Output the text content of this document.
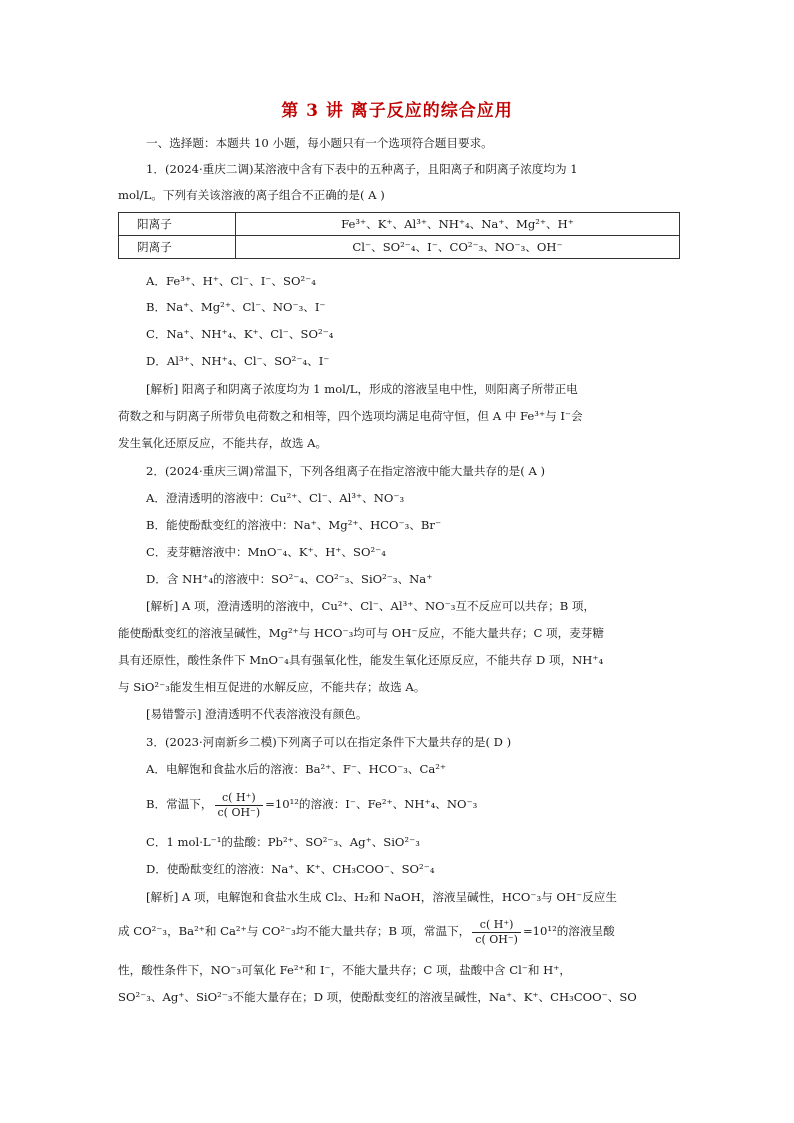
第 3 讲 离子反应的综合应用
一、选择题：本题共 10 小题，每小题只有一个选项符合题目要求。
1．(2024·重庆二调)某溶液中含有下表中的五种离子，且阳离子和阴离子浓度均为 1
mol/L。下列有关该溶液的离子组合不正确的是( A )
阳离子	Fe³⁺、K⁺、Al³⁺、NH⁺₄、Na⁺、Mg²⁺、H⁺
阴离子	Cl⁻、SO²⁻₄、I⁻、CO²⁻₃、NO⁻₃、OH⁻
A．Fe³⁺、H⁺、Cl⁻、I⁻、SO²⁻₄
B．Na⁺、Mg²⁺、Cl⁻、NO⁻₃、I⁻
C．Na⁺、NH⁺₄、K⁺、Cl⁻、SO²⁻₄
D．Al³⁺、NH⁺₄、Cl⁻、SO²⁻₄、I⁻
[解析] 阳离子和阴离子浓度均为 1 mol/L，形成的溶液呈电中性，则阳离子所带正电
荷数之和与阴离子所带负电荷数之和相等，四个选项均满足电荷守恒，但 A 中 Fe³⁺与 I⁻会
发生氧化还原反应，不能共存，故选 A。
2．(2024·重庆三调)常温下，下列各组离子在指定溶液中能大量共存的是( A )
A．澄清透明的溶液中：Cu²⁺、Cl⁻、Al³⁺、NO⁻₃
B．能使酚酞变红的溶液中：Na⁺、Mg²⁺、HCO⁻₃、Br⁻
C．麦芽糖溶液中：MnO⁻₄、K⁺、H⁺、SO²⁻₄
D．含 NH⁺₄的溶液中：SO²⁻₄、CO²⁻₃、SiO²⁻₃、Na⁺
[解析] A 项，澄清透明的溶液中，Cu²⁺、Cl⁻、Al³⁺、NO⁻₃互不反应可以共存；B 项，
能使酚酞变红的溶液呈碱性，Mg²⁺与 HCO⁻₃均可与 OH⁻反应，不能大量共存；C 项，麦芽糖
具有还原性，酸性条件下 MnO⁻₄具有强氧化性，能发生氧化还原反应，不能共存 D 项，NH⁺₄
与 SiO²⁻₃能发生相互促进的水解反应，不能共存；故选 A。
[易错警示] 澄清透明不代表溶液没有颜色。
3．(2023·河南新乡二模)下列离子可以在指定条件下大量共存的是( D )
A．电解饱和食盐水后的溶液：Ba²⁺、F⁻、HCO⁻₃、Ca²⁺
B．常温下， $\frac{c( H^+)}{c( OH^-)} =10^{12}$的溶液：I⁻、Fe²⁺、NH⁺₄、NO⁻₃
C．1 mol·L⁻¹的盐酸：Pb²⁺、SO²⁻₃、Ag⁺、SiO²⁻₃
D．使酚酞变红的溶液：Na⁺、K⁺、CH₃COO⁻、SO²⁻₄
[解析] A 项，电解饱和食盐水生成 Cl₂、H₂和 NaOH，溶液呈碱性，HCO⁻₃与 OH⁻反应生
成 CO²⁻₃，Ba²⁺和 Ca²⁺与 CO²⁻₃均不能大量共存；B 项，常温下， $\frac{c( H^+)}{c( OH^-)} =10^{12}$的溶液呈酸
性，酸性条件下，NO⁻₃可氧化 Fe²⁺和 I⁻，不能大量共存；C 项，盐酸中含 Cl⁻和 H⁺，
SO²⁻₃、Ag⁺、SiO²⁻₃不能大量存在；D 项，使酚酞变红的溶液呈碱性，Na⁺、K⁺、CH₃COO⁻、SO
